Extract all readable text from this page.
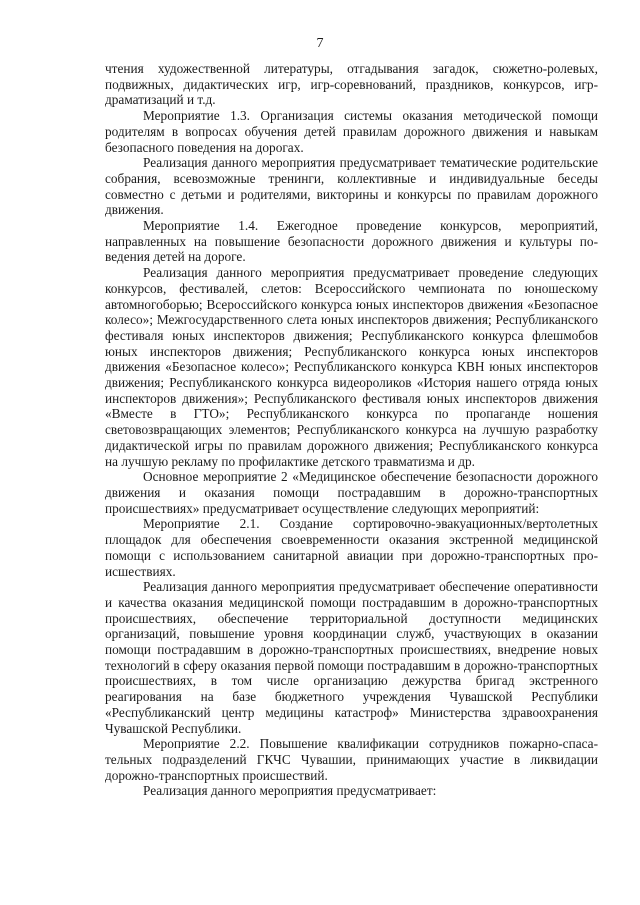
7

чтения художественной литературы, отгадывания загадок, сюжетно-ролевых, подвижных, дидактических игр, игр-соревнований, праздников, конкурсов, игр-драматизаций и т.д.

Мероприятие 1.3. Организация системы оказания методической помощи родителям в вопросах обучения детей правилам дорожного движения и навыкам безопасного поведения на дорогах.

Реализация данного мероприятия предусматривает тематические родительские собрания, всевозможные тренинги, коллективные и индивидуальные беседы совместно с детьми и родителями, викторины и конкурсы по правилам дорожного движения.

Мероприятие 1.4. Ежегодное проведение конкурсов, мероприятий, направленных на повышение безопасности дорожного движения и культуры поведения детей на дороге.

Реализация данного мероприятия предусматривает проведение следующих конкурсов, фестивалей, слетов: Всероссийского чемпионата по юношескому автомногоборью; Всероссийского конкурса юных инспекторов движения «Безопасное колесо»; Межгосударственного слета юных инспекторов движения; Республиканского фестиваля юных инспекторов движения; Республиканского конкурса флешмобов юных инспекторов движения; Республиканского конкурса юных инспекторов движения «Безопасное колесо»; Республиканского конкурса КВН юных инспекторов движения; Республиканского конкурса видеороликов «История нашего отряда юных инспекторов движения»; Республиканского фестиваля юных инспекторов движения «Вместе в ГТО»; Республиканского конкурса по пропаганде ношения световозвращающих элементов; Республиканского конкурса на лучшую разработку дидактической игры по правилам дорожного движения; Республиканского конкурса на лучшую рекламу по профилактике детского травматизма и др.

Основное мероприятие 2 «Медицинское обеспечение безопасности дорожного движения и оказания помощи пострадавшим в дорожно-транспортных происшествиях» предусматривает осуществление следующих мероприятий:

Мероприятие 2.1. Создание сортировочно-эвакуационных/вертолетных площадок для обеспечения своевременности оказания экстренной медицинской помощи с использованием санитарной авиации при дорожно-транспортных происшествиях.

Реализация данного мероприятия предусматривает обеспечение оперативности и качества оказания медицинской помощи пострадавшим в дорожно-транспортных происшествиях, обеспечение территориальной доступности медицинских организаций, повышение уровня координации служб, участвующих в оказании помощи пострадавшим в дорожно-транспортных происшествиях, внедрение новых технологий в сферу оказания первой помощи пострадавшим в дорожно-транспортных происшествиях, в том числе организацию дежурства бригад экстренного реагирования на базе бюджетного учреждения Чувашской Республики «Республиканский центр медицины катастроф» Министерства здравоохранения Чувашской Республики.

Мероприятие 2.2. Повышение квалификации сотрудников пожарно-спасательных подразделений ГКЧС Чувашии, принимающих участие в ликвидации дорожно-транспортных происшествий.

Реализация данного мероприятия предусматривает:
